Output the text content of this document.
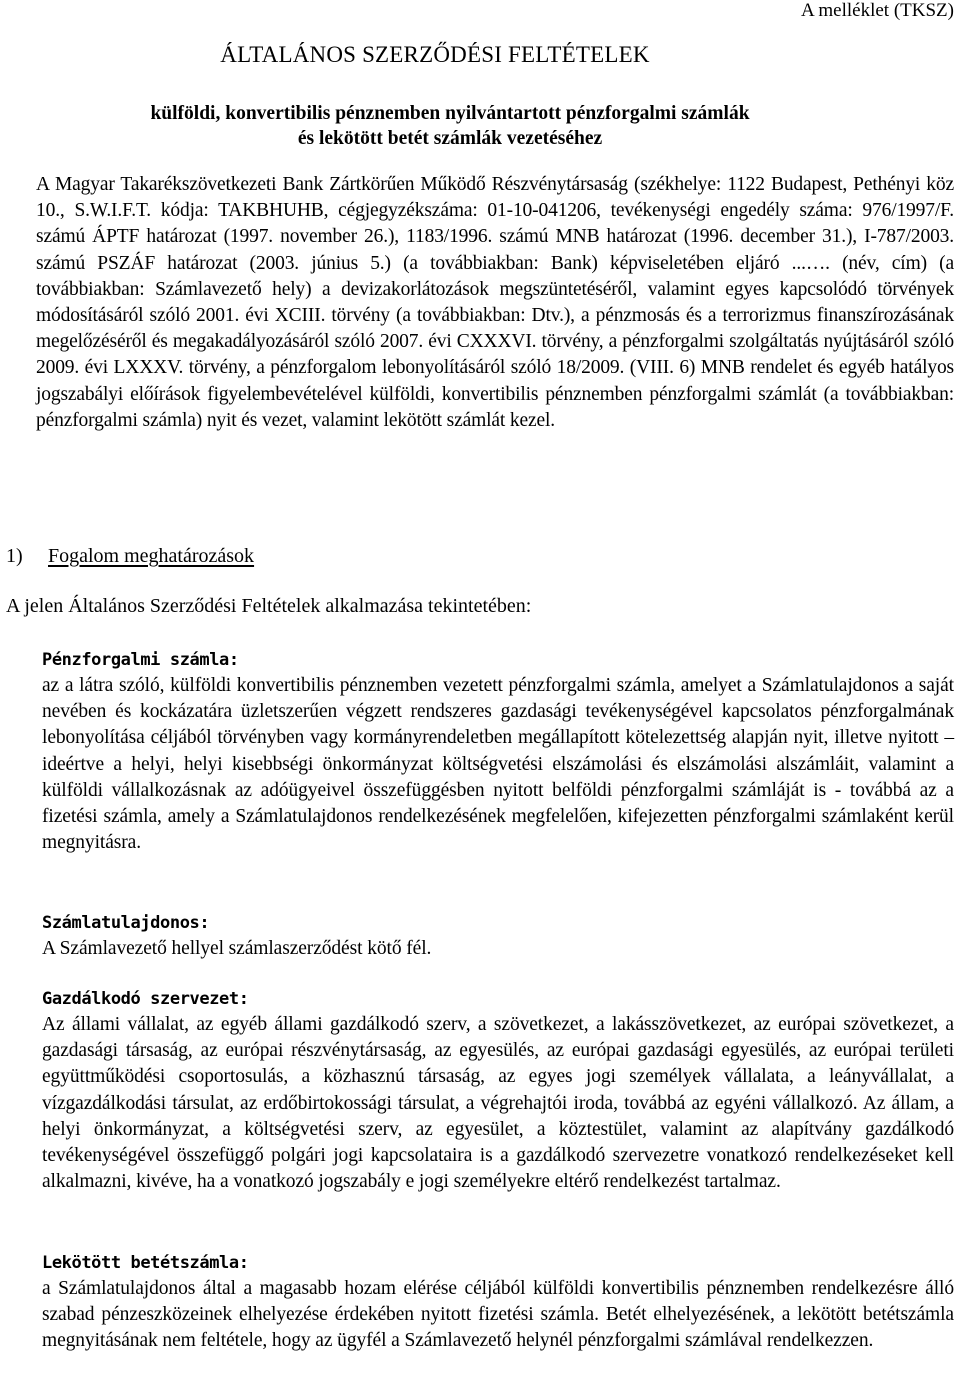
A melléklet (TKSZ)
ÁLTALÁNOS SZERZŐDÉSI FELTÉTELEK
külföldi, konvertibilis pénznemben nyilvántartott pénzforgalmi számlák
és lekötött betét számlák vezetéséhez
A Magyar Takarékszövetkezeti Bank Zártkörűen Működő Részvénytársaság (székhelye: 1122 Budapest, Pethényi köz 10., S.W.I.F.T. kódja: TAKBHUHB, cégjegyzékszáma: 01-10-041206, tevékenységi engedély száma: 976/1997/F. számú ÁPTF határozat (1997. november 26.), 1183/1996. számú MNB határozat (1996. december 31.), I-787/2003. számú PSZÁF határozat (2003. június 5.) (a továbbiakban: Bank) képviseletében eljáró ...…. (név, cím) (a továbbiakban: Számlavezető hely) a devizakorlátozások megszüntetéséről, valamint egyes kapcsolódó törvények módosításáról szóló 2001. évi XCIII. törvény (a továbbiakban: Dtv.), a pénzmosás és a terrorizmus finanszírozásának megelőzéséről és megakadályozásáról szóló 2007. évi CXXXVI. törvény, a pénzforgalmi szolgáltatás nyújtásáról szóló 2009. évi LXXXV. törvény, a pénzforgalom lebonyolításáról szóló 18/2009. (VIII. 6) MNB rendelet és egyéb hatályos jogszabályi előírások figyelembevételével külföldi, konvertibilis pénznemben pénzforgalmi számlát (a továbbiakban: pénzforgalmi számla) nyit és vezet, valamint lekötött számlát kezel.
1) Fogalom meghatározások
A jelen Általános Szerződési Feltételek alkalmazása tekintetében:
Pénzforgalmi számla:
az a látra szóló, külföldi konvertibilis pénznemben vezetett pénzforgalmi számla, amelyet a Számlatulajdonos a saját nevében és kockázatára üzletszerűen végzett rendszeres gazdasági tevékenységével kapcsolatos pénzforgalmának lebonyolítása céljából törvényben vagy kormányrendeletben megállapított kötelezettség alapján nyit, illetve nyitott – ideértve a helyi, helyi kisebbségi önkormányzat költségvetési elszámolási és elszámolási alszámláit, valamint a külföldi vállalkozásnak az adóügyeivel összefüggésben nyitott belföldi pénzforgalmi számláját is - továbbá az a fizetési számla, amely a Számlatulajdonos rendelkezésének megfelelően, kifejezetten pénzforgalmi számlaként kerül megnyitásra.
Számlatulajdonos:
A Számlavezető hellyel számlaszerződést kötő fél.
Gazdálkodó szervezet:
Az állami vállalat, az egyéb állami gazdálkodó szerv, a szövetkezet, a lakásszövetkezet, az európai szövetkezet, a gazdasági társaság, az európai részvénytársaság, az egyesülés, az európai gazdasági egyesülés, az európai területi együttműködési csoportosulás, a közhasznú társaság, az egyes jogi személyek vállalata, a leányvállalat, a vízgazdálkodási társulat, az erdőbirtokossági társulat, a végrehajtói iroda, továbbá az egyéni vállalkozó. Az állam, a helyi önkormányzat, a költségvetési szerv, az egyesület, a köztestület, valamint az alapítvány gazdálkodó tevékenységével összefüggő polgári jogi kapcsolataira is a gazdálkodó szervezetre vonatkozó rendelkezéseket kell alkalmazni, kivéve, ha a vonatkozó jogszabály e jogi személyekre eltérő rendelkezést tartalmaz.
Lekötött betétszámla:
a Számlatulajdonos által a magasabb hozam elérése céljából külföldi konvertibilis pénznemben rendelkezésre álló szabad pénzeszközeinek elhelyezése érdekében nyitott fizetési számla. Betét elhelyezésének, a lekötött betétszámla megnyitásának nem feltétele, hogy az ügyfél a Számlavezető helynél pénzforgalmi számlával rendelkezzen.
